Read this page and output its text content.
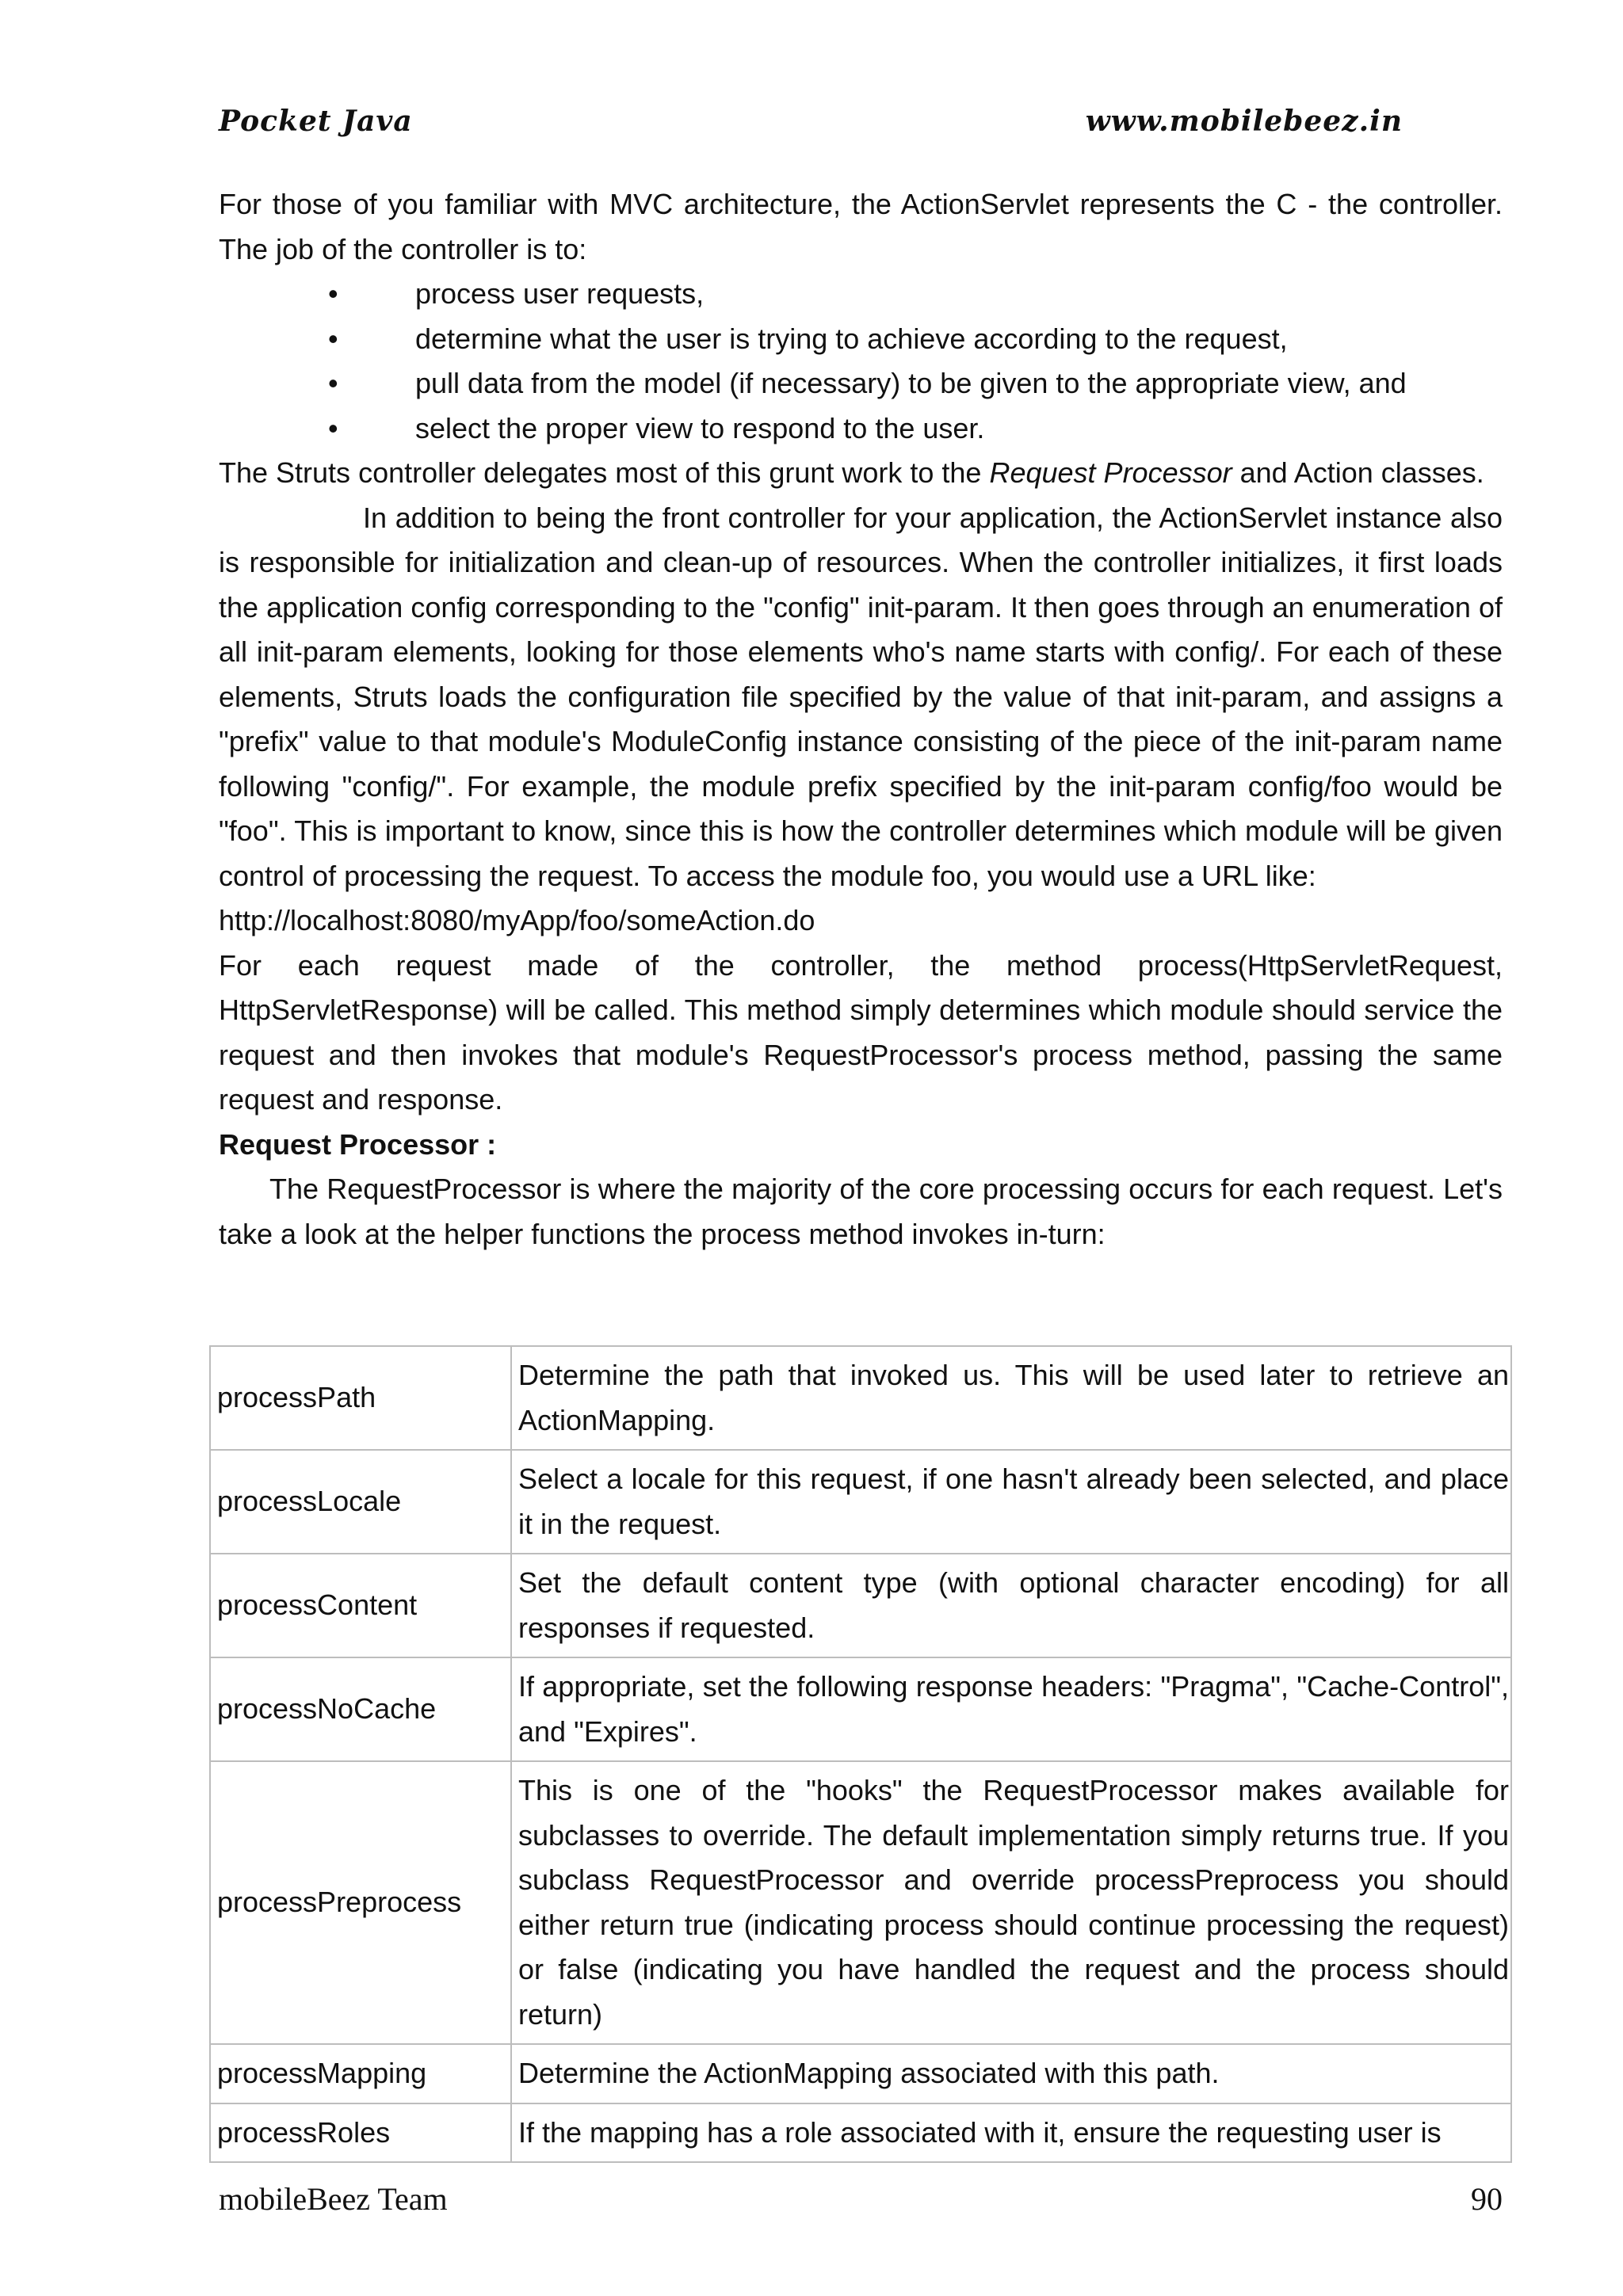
Pocket Java	www.mobilebeez.in

For those of you familiar with MVC architecture, the ActionServlet represents the C - the controller. The job of the controller is to:

• process user requests,
• determine what the user is trying to achieve according to the request,
• pull data from the model (if necessary) to be given to the appropriate view, and
• select the proper view to respond to the user.

The Struts controller delegates most of this grunt work to the Request Processor and Action classes.

In addition to being the front controller for your application, the ActionServlet instance also is responsible for initialization and clean-up of resources. When the controller initializes, it first loads the application config corresponding to the "config" init-param. It then goes through an enumeration of all init-param elements, looking for those elements who's name starts with config/. For each of these elements, Struts loads the configuration file specified by the value of that init-param, and assigns a "prefix" value to that module's ModuleConfig instance consisting of the piece of the init-param name following "config/". For example, the module prefix specified by the init-param config/foo would be "foo". This is important to know, since this is how the controller determines which module will be given control of processing the request. To access the module foo, you would use a URL like:

http://localhost:8080/myApp/foo/someAction.do

For each request made of the controller, the method process(HttpServletRequest, HttpServletResponse) will be called. This method simply determines which module should service the request and then invokes that module's RequestProcessor's process method, passing the same request and response.

Request Processor :

The RequestProcessor is where the majority of the core processing occurs for each request. Let's take a look at the helper functions the process method invokes in-turn:

processPath	Determine the path that invoked us. This will be used later to retrieve an ActionMapping.
processLocale	Select a locale for this request, if one hasn't already been selected, and place it in the request.
processContent	Set the default content type (with optional character encoding) for all responses if requested.
processNoCache	If appropriate, set the following response headers: "Pragma", "Cache-Control", and "Expires".
processPreprocess	This is one of the "hooks" the RequestProcessor makes available for subclasses to override. The default implementation simply returns true. If you subclass RequestProcessor and override processPreprocess you should either return true (indicating process should continue processing the request) or false (indicating you have handled the request and the process should return)
processMapping	Determine the ActionMapping associated with this path.
processRoles	If the mapping has a role associated with it, ensure the requesting user is
mobileBeez Team	90
